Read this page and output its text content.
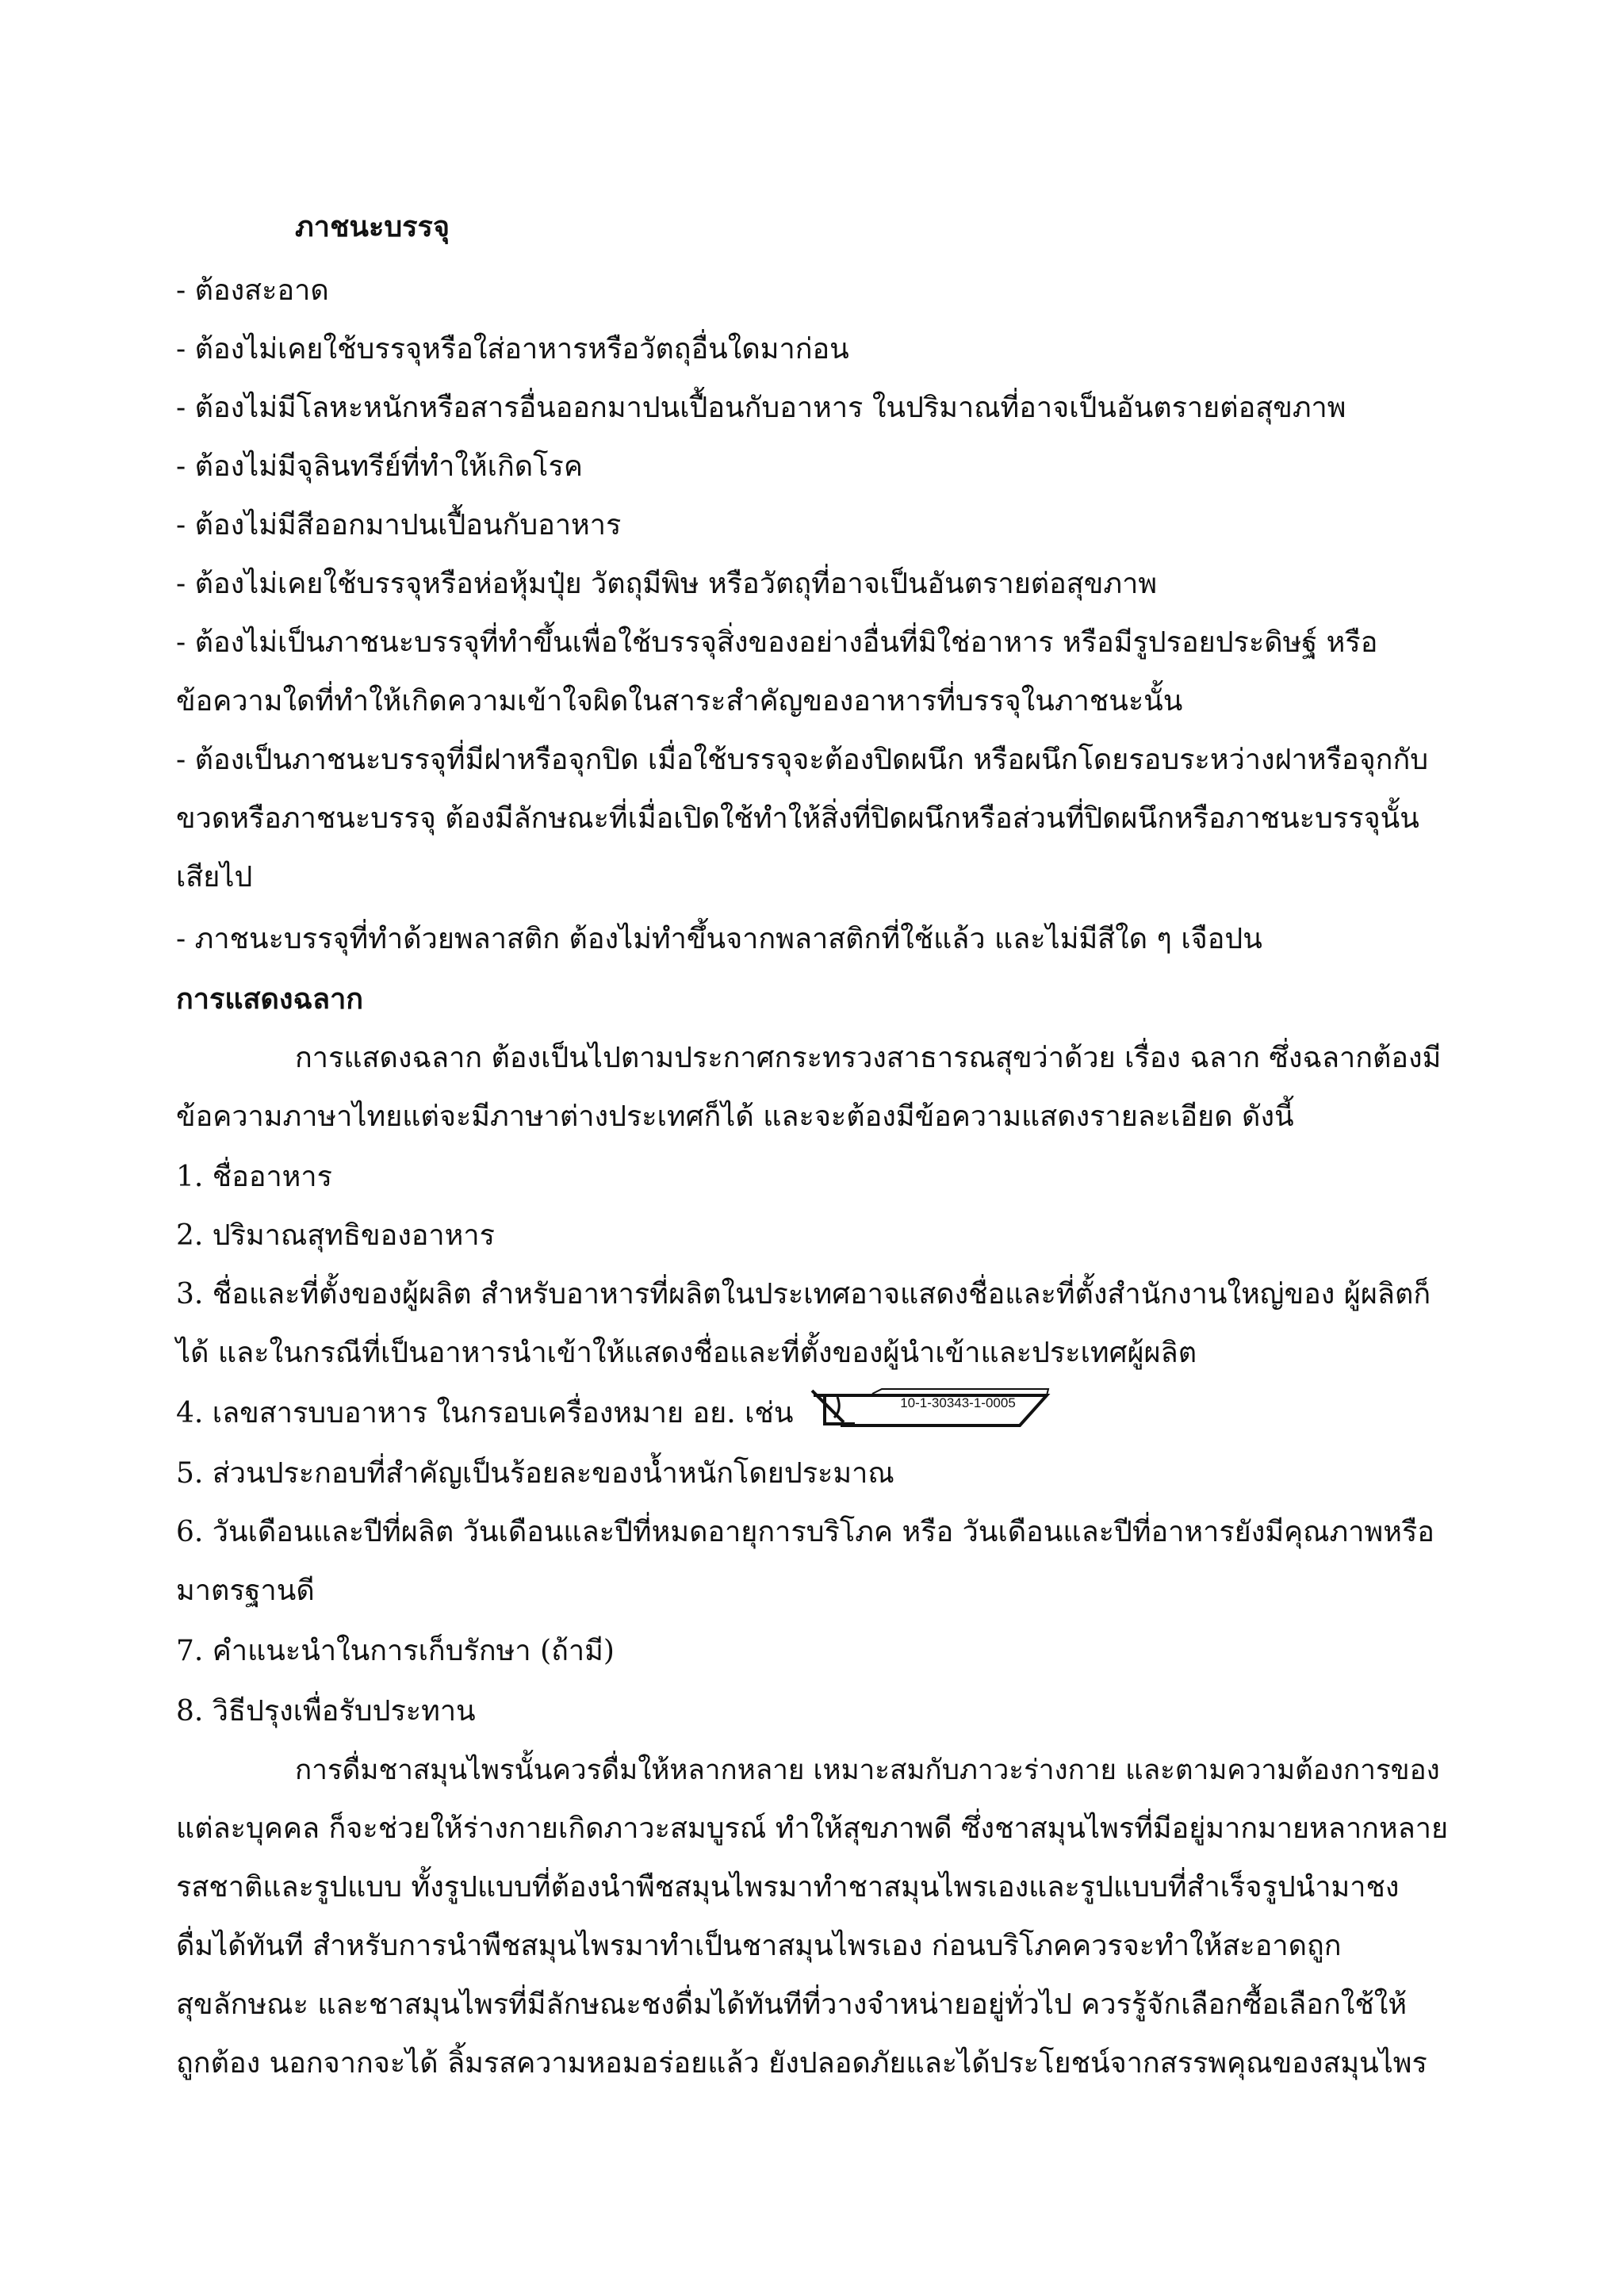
ภาชนะบรรจุ
- ต้องสะอาด
- ต้องไม่เคยใช้บรรจุหรือใส่อาหารหรือวัตถุอื่นใดมาก่อน
- ต้องไม่มีโลหะหนักหรือสารอื่นออกมาปนเปื้อนกับอาหาร ในปริมาณที่อาจเป็นอันตรายต่อสุขภาพ
- ต้องไม่มีจุลินทรีย์ที่ทำให้เกิดโรค
- ต้องไม่มีสีออกมาปนเปื้อนกับอาหาร
- ต้องไม่เคยใช้บรรจุหรือห่อหุ้มปุ๋ย วัตถุมีพิษ หรือวัตถุที่อาจเป็นอันตรายต่อสุขภาพ
- ต้องไม่เป็นภาชนะบรรจุที่ทำขึ้นเพื่อใช้บรรจุสิ่งของอย่างอื่นที่มิใช่อาหาร หรือมีรูปรอยประดิษฐ์ หรือ
ข้อความใดที่ทำให้เกิดความเข้าใจผิดในสาระสำคัญของอาหารที่บรรจุในภาชนะนั้น
- ต้องเป็นภาชนะบรรจุที่มีฝาหรือจุกปิด เมื่อใช้บรรจุจะต้องปิดผนึก หรือผนึกโดยรอบระหว่างฝาหรือจุกกับ
ขวดหรือภาชนะบรรจุ ต้องมีลักษณะที่เมื่อเปิดใช้ทำให้สิ่งที่ปิดผนึกหรือส่วนที่ปิดผนึกหรือภาชนะบรรจุนั้น
เสียไป
- ภาชนะบรรจุที่ทำด้วยพลาสติก ต้องไม่ทำขึ้นจากพลาสติกที่ใช้แล้ว และไม่มีสีใด ๆ เจือปน
การแสดงฉลาก
การแสดงฉลาก ต้องเป็นไปตามประกาศกระทรวงสาธารณสุขว่าด้วย เรื่อง ฉลาก ซึ่งฉลากต้องมี
ข้อความภาษาไทยแต่จะมีภาษาต่างประเทศก็ได้ และจะต้องมีข้อความแสดงรายละเอียด ดังนี้
1. ชื่ออาหาร
2. ปริมาณสุทธิของอาหาร
3. ชื่อและที่ตั้งของผู้ผลิต สำหรับอาหารที่ผลิตในประเทศอาจแสดงชื่อและที่ตั้งสำนักงานใหญ่ของ ผู้ผลิตก็
ได้ และในกรณีที่เป็นอาหารนำเข้าให้แสดงชื่อและที่ตั้งของผู้นำเข้าและประเทศผู้ผลิต
4. เลขสารบบอาหาร ในกรอบเครื่องหมาย อย. เช่น	10-1-30343-1-0005
5. ส่วนประกอบที่สำคัญเป็นร้อยละของน้ำหนักโดยประมาณ
6. วันเดือนและปีที่ผลิต วันเดือนและปีที่หมดอายุการบริโภค หรือ วันเดือนและปีที่อาหารยังมีคุณภาพหรือ
มาตรฐานดี
7. คำแนะนำในการเก็บรักษา (ถ้ามี)
8. วิธีปรุงเพื่อรับประทาน
การดื่มชาสมุนไพรนั้นควรดื่มให้หลากหลาย เหมาะสมกับภาวะร่างกาย และตามความต้องการของ
แต่ละบุคคล ก็จะช่วยให้ร่างกายเกิดภาวะสมบูรณ์ ทำให้สุขภาพดี ซึ่งชาสมุนไพรที่มีอยู่มากมายหลากหลาย
รสชาติและรูปแบบ ทั้งรูปแบบที่ต้องนำพืชสมุนไพรมาทำชาสมุนไพรเองและรูปแบบที่สำเร็จรูปนำมาชง
ดื่มได้ทันที สำหรับการนำพืชสมุนไพรมาทำเป็นชาสมุนไพรเอง ก่อนบริโภคควรจะทำให้สะอาดถูก
สุขลักษณะ และชาสมุนไพรที่มีลักษณะชงดื่มได้ทันทีที่วางจำหน่ายอยู่ทั่วไป ควรรู้จักเลือกซื้อเลือกใช้ให้
ถูกต้อง นอกจากจะได้ ลิ้มรสความหอมอร่อยแล้ว ยังปลอดภัยและได้ประโยชน์จากสรรพคุณของสมุนไพร
